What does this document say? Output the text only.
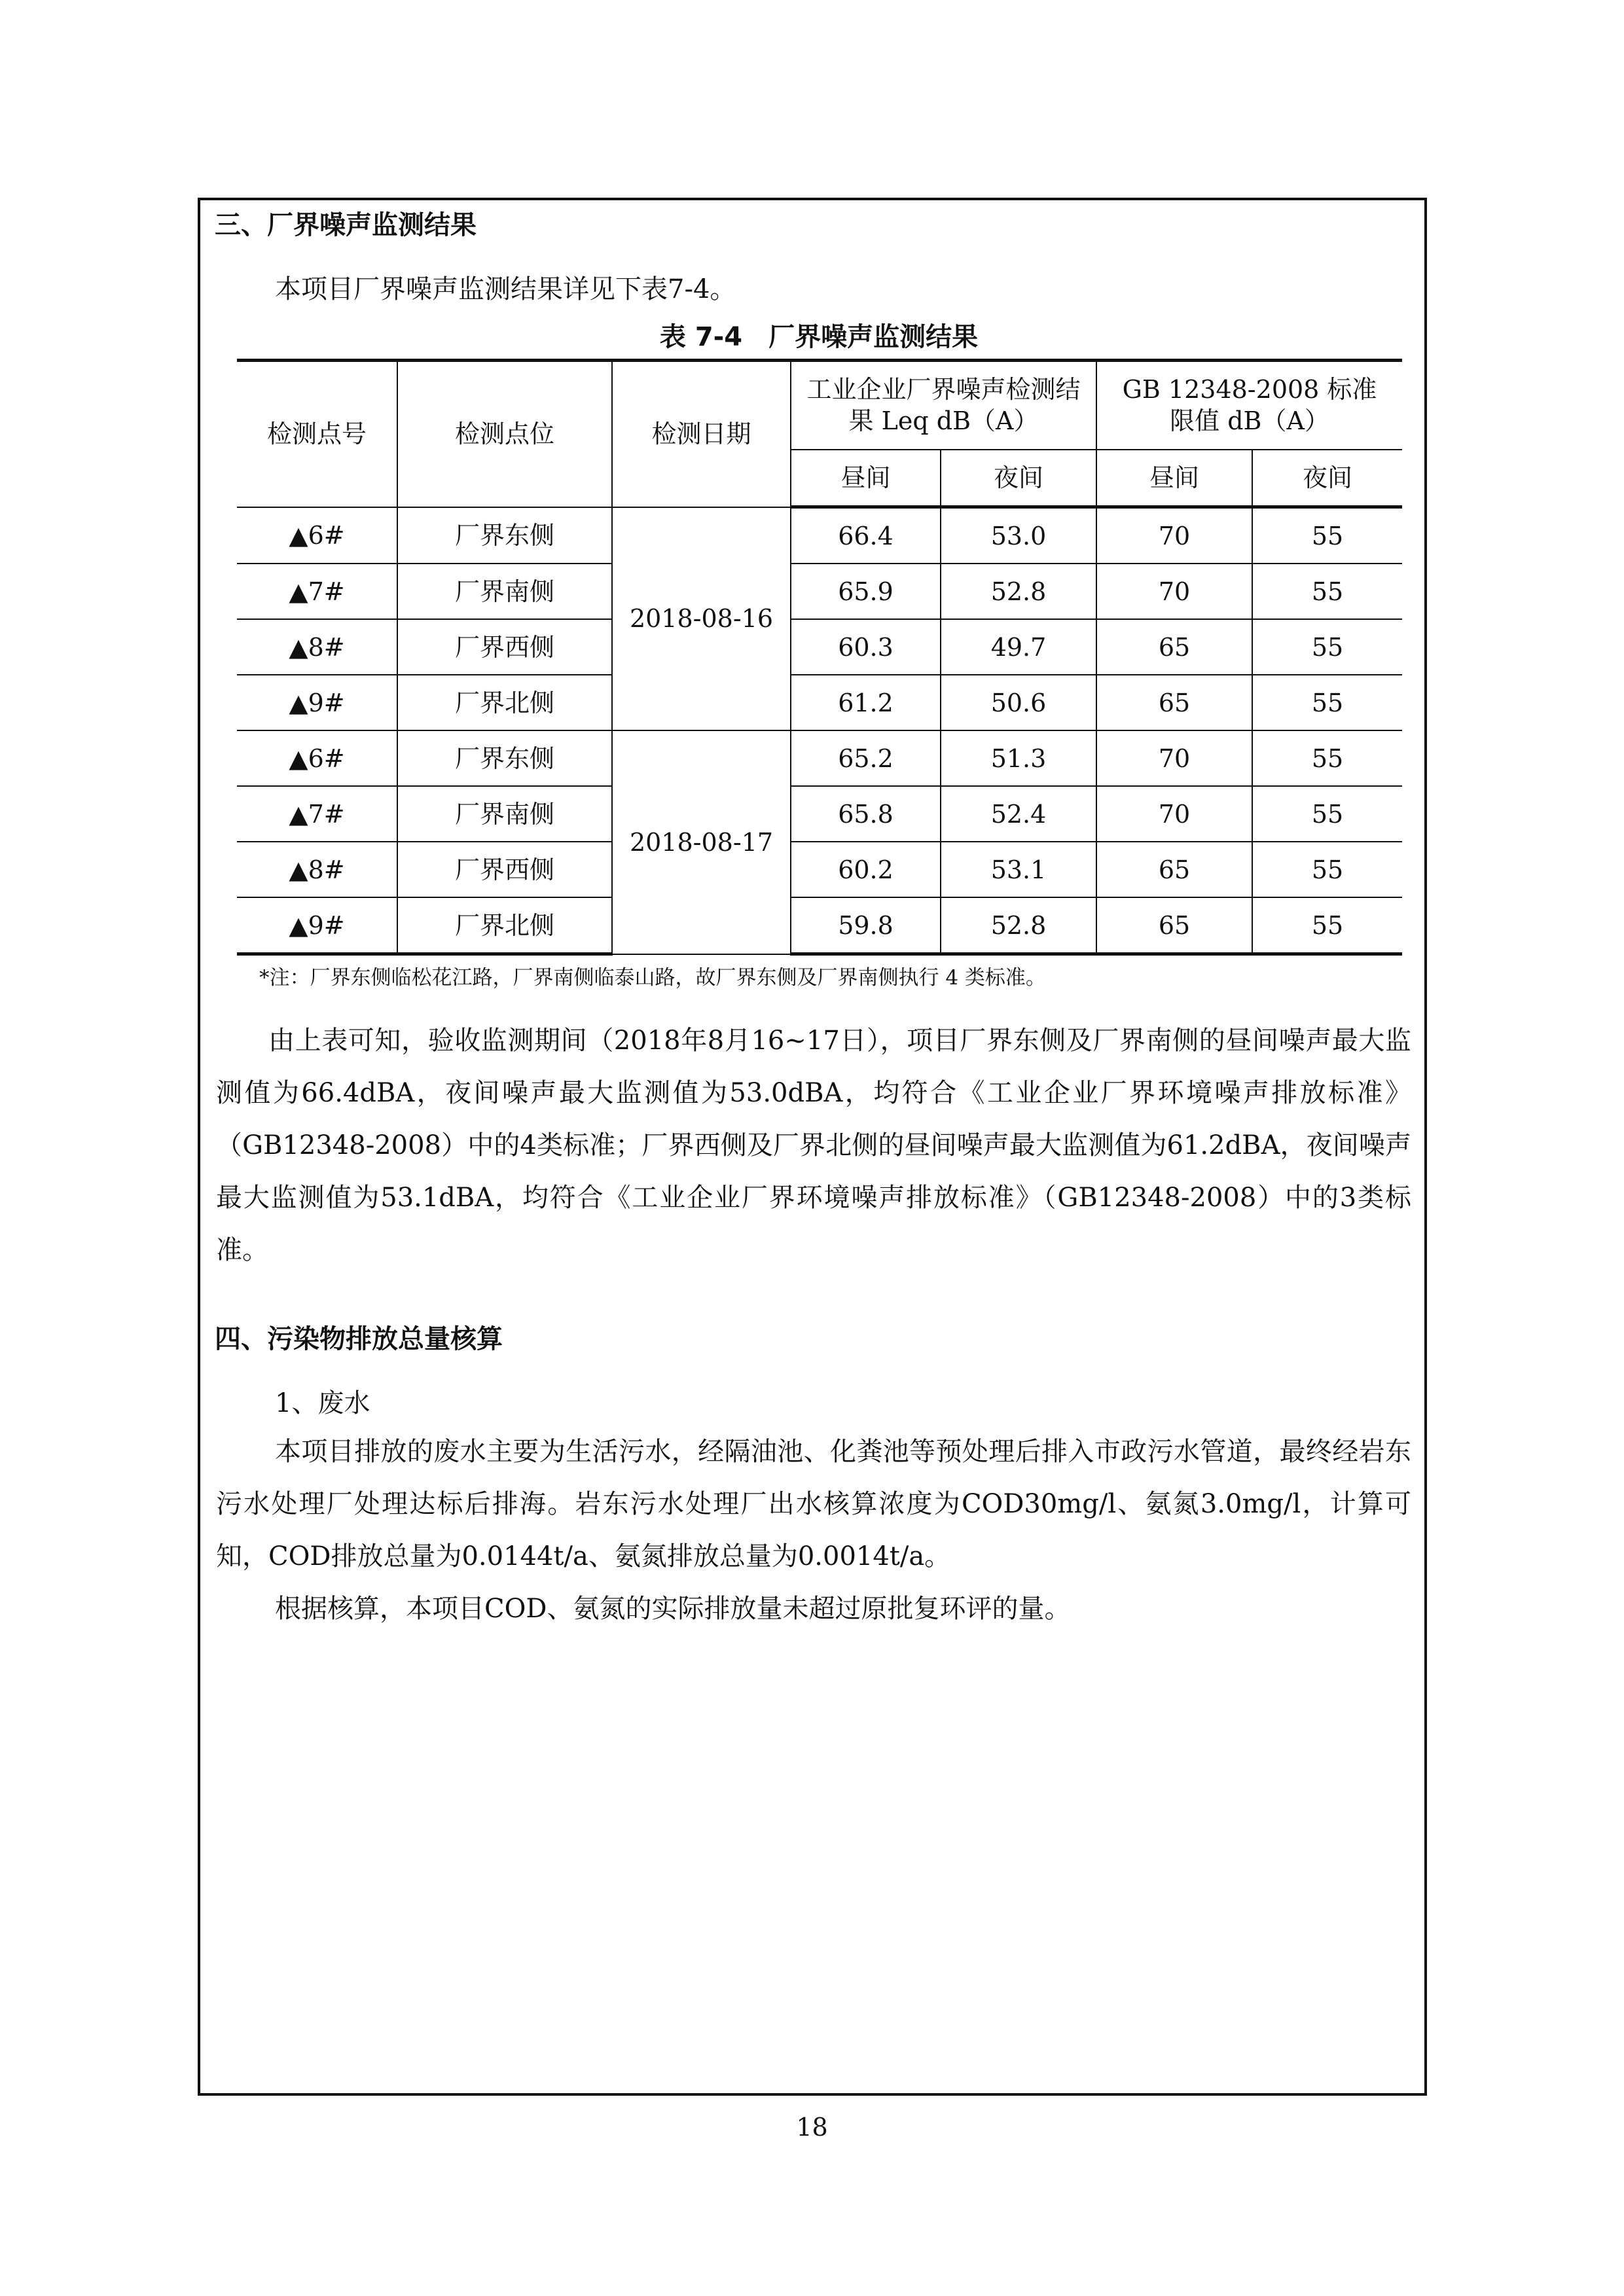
三、厂界噪声监测结果
本项目厂界噪声监测结果详见下表7-4。
表 7-4 厂界噪声监测结果
检测点号	检测点位	检测日期	工业企业厂界噪声检测结果 Leq dB（A）		GB 12348-2008 标准限值 dB（A）	
			昼间	夜间	昼间	夜间
▲6#	厂界东侧	2018-08-16	66.4	53.0	70	55
▲7#	厂界南侧		65.9	52.8	70	55
▲8#	厂界西侧		60.3	49.7	65	55
▲9#	厂界北侧		61.2	50.6	65	55
▲6#	厂界东侧	2018-08-17	65.2	51.3	70	55
▲7#	厂界南侧		65.8	52.4	70	55
▲8#	厂界西侧		60.2	53.1	65	55
▲9#	厂界北侧		59.8	52.8	65	55
*注：厂界东侧临松花江路，厂界南侧临泰山路，故厂界东侧及厂界南侧执行 4 类标准。

由上表可知，验收监测期间（2018年8月16~17日），项目厂界东侧及厂界南侧的昼间噪声最大监测值为66.4dBA，夜间噪声最大监测值为53.0dBA，均符合《工业企业厂界环境噪声排放标准》（GB12348-2008）中的4类标准；厂界西侧及厂界北侧的昼间噪声最大监测值为61.2dBA，夜间噪声最大监测值为53.1dBA，均符合《工业企业厂界环境噪声排放标准》（GB12348-2008）中的3类标准。

四、污染物排放总量核算
1、废水

本项目排放的废水主要为生活污水，经隔油池、化粪池等预处理后排入市政污水管道，最终经岩东污水处理厂处理达标后排海。岩东污水处理厂出水核算浓度为COD30mg/l、氨氮3.0mg/l，计算可知，COD排放总量为0.0144t/a、氨氮排放总量为0.0014t/a。

根据核算，本项目COD、氨氮的实际排放量未超过原批复环评的量。

18
